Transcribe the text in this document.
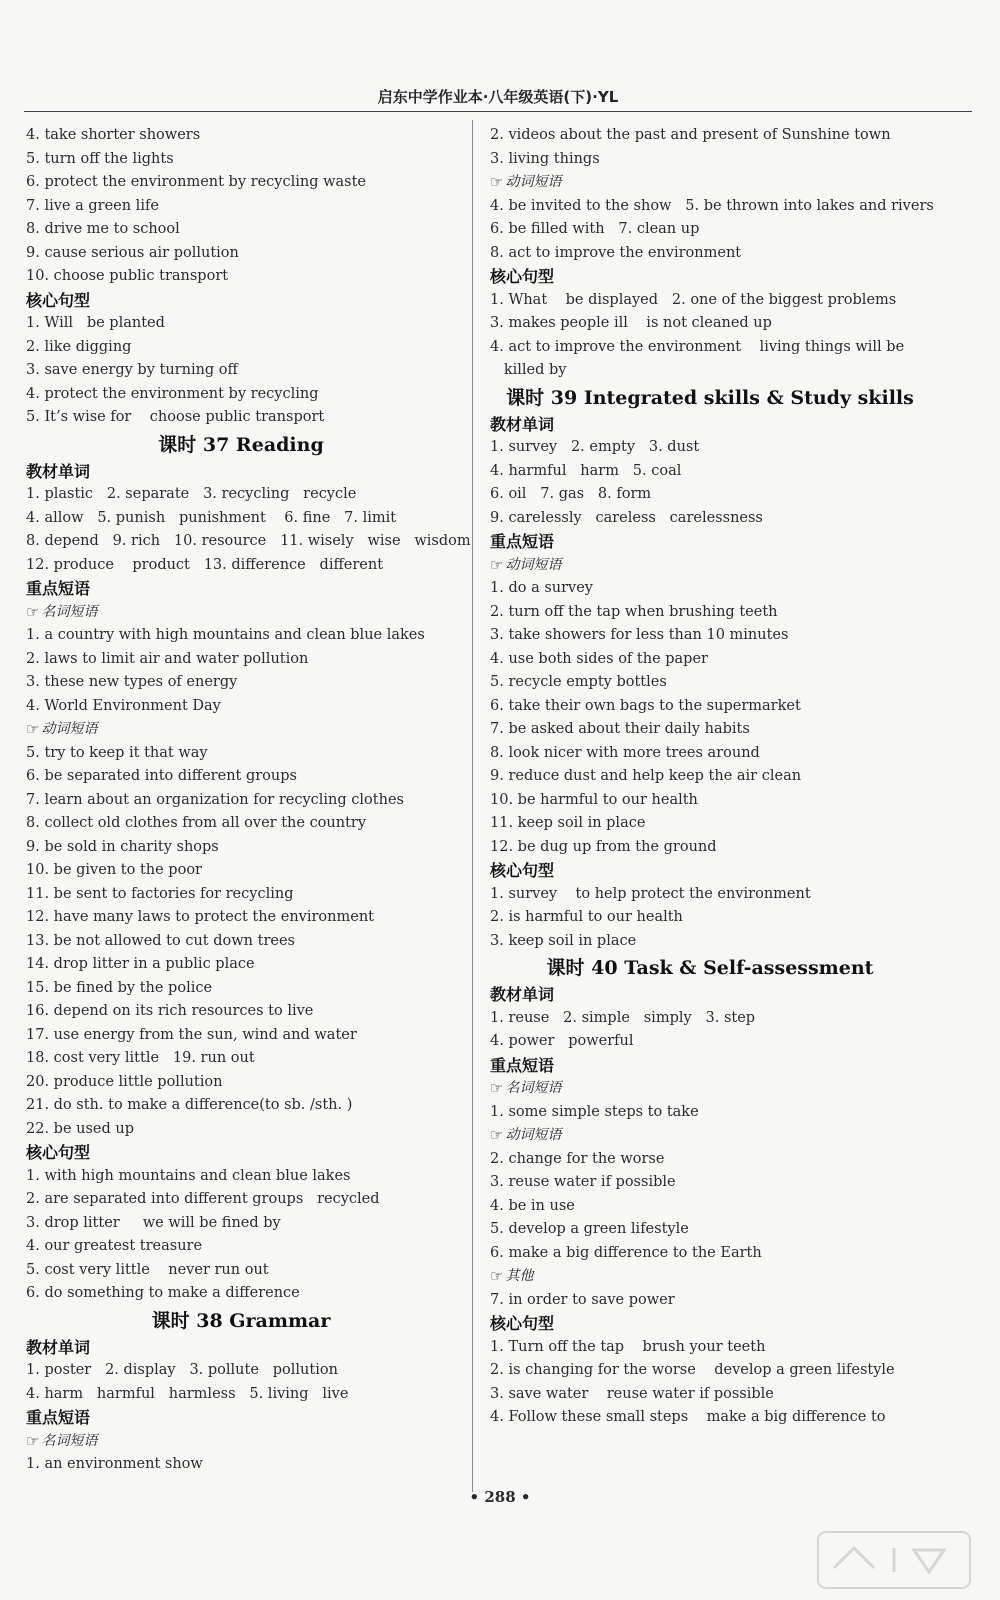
启东中学作业本·八年级英语(下)·YL
4. take shorter showers
5. turn off the lights
6. protect the environment by recycling waste
7. live a green life
8. drive me to school
9. cause serious air pollution
10. choose public transport
核心句型
1. Will   be planted
2. like digging
3. save energy by turning off
4. protect the environment by recycling
5. It’s wise for    choose public transport
课时 37 Reading
教材单词
1. plastic   2. separate   3. recycling   recycle
4. allow   5. punish   punishment    6. fine   7. limit
8. depend   9. rich   10. resource   11. wisely   wise   wisdom
12. produce    product   13. difference   different
重点短语
☞ 名词短语
1. a country with high mountains and clean blue lakes
2. laws to limit air and water pollution
3. these new types of energy
4. World Environment Day
☞ 动词短语
5. try to keep it that way
6. be separated into different groups
7. learn about an organization for recycling clothes
8. collect old clothes from all over the country
9. be sold in charity shops
10. be given to the poor
11. be sent to factories for recycling
12. have many laws to protect the environment
13. be not allowed to cut down trees
14. drop litter in a public place
15. be fined by the police
16. depend on its rich resources to live
17. use energy from the sun, wind and water
18. cost very little   19. run out
20. produce little pollution
21. do sth. to make a difference(to sb. /sth. )
22. be used up
核心句型
1. with high mountains and clean blue lakes
2. are separated into different groups   recycled
3. drop litter     we will be fined by
4. our greatest treasure
5. cost very little    never run out
6. do something to make a difference
课时 38 Grammar
教材单词
1. poster   2. display   3. pollute   pollution
4. harm   harmful   harmless   5. living   live
重点短语
☞ 名词短语
1. an environment show
2. videos about the past and present of Sunshine town
3. living things
☞ 动词短语
4. be invited to the show   5. be thrown into lakes and rivers
6. be filled with   7. clean up
8. act to improve the environment
核心句型
1. What    be displayed   2. one of the biggest problems
3. makes people ill    is not cleaned up
4. act to improve the environment    living things will be
killed by
课时 39 Integrated skills & Study skills
教材单词
1. survey   2. empty   3. dust
4. harmful   harm   5. coal
6. oil   7. gas   8. form
9. carelessly   careless   carelessness
重点短语
☞ 动词短语
1. do a survey
2. turn off the tap when brushing teeth
3. take showers for less than 10 minutes
4. use both sides of the paper
5. recycle empty bottles
6. take their own bags to the supermarket
7. be asked about their daily habits
8. look nicer with more trees around
9. reduce dust and help keep the air clean
10. be harmful to our health
11. keep soil in place
12. be dug up from the ground
核心句型
1. survey    to help protect the environment
2. is harmful to our health
3. keep soil in place
课时 40 Task & Self-assessment
教材单词
1. reuse   2. simple   simply   3. step
4. power   powerful
重点短语
☞ 名词短语
1. some simple steps to take
☞ 动词短语
2. change for the worse
3. reuse water if possible
4. be in use
5. develop a green lifestyle
6. make a big difference to the Earth
☞ 其他
7. in order to save power
核心句型
1. Turn off the tap    brush your teeth
2. is changing for the worse    develop a green lifestyle
3. save water    reuse water if possible
4. Follow these small steps    make a big difference to
• 288 •
